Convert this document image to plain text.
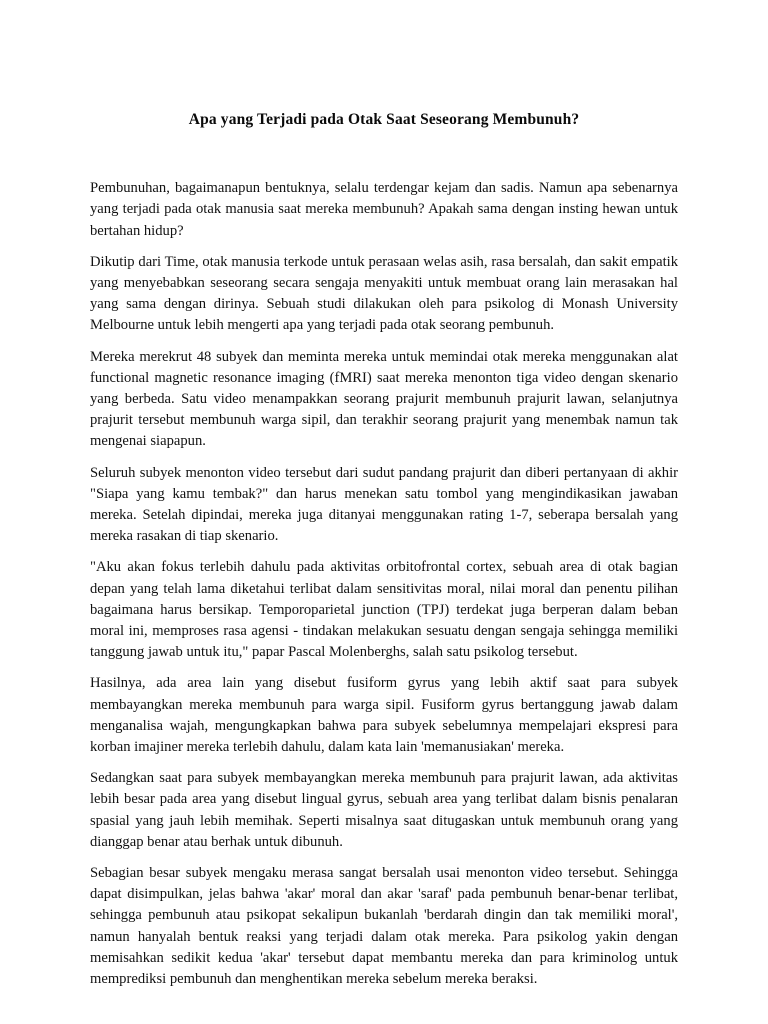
Apa yang Terjadi pada Otak Saat Seseorang Membunuh?

Pembunuhan, bagaimanapun bentuknya, selalu terdengar kejam dan sadis. Namun apa sebenarnya yang terjadi pada otak manusia saat mereka membunuh? Apakah sama dengan insting hewan untuk bertahan hidup?

Dikutip dari Time, otak manusia terkode untuk perasaan welas asih, rasa bersalah, dan sakit empatik yang menyebabkan seseorang secara sengaja menyakiti untuk membuat orang lain merasakan hal yang sama dengan dirinya. Sebuah studi dilakukan oleh para psikolog di Monash University Melbourne untuk lebih mengerti apa yang terjadi pada otak seorang pembunuh.

Mereka merekrut 48 subyek dan meminta mereka untuk memindai otak mereka menggunakan alat functional magnetic resonance imaging (fMRI) saat mereka menonton tiga video dengan skenario yang berbeda. Satu video menampakkan seorang prajurit membunuh prajurit lawan, selanjutnya prajurit tersebut membunuh warga sipil, dan terakhir seorang prajurit yang menembak namun tak mengenai siapapun.

Seluruh subyek menonton video tersebut dari sudut pandang prajurit dan diberi pertanyaan di akhir "Siapa yang kamu tembak?" dan harus menekan satu tombol yang mengindikasikan jawaban mereka. Setelah dipindai, mereka juga ditanyai menggunakan rating 1-7, seberapa bersalah yang mereka rasakan di tiap skenario.

"Aku akan fokus terlebih dahulu pada aktivitas orbitofrontal cortex, sebuah area di otak bagian depan yang telah lama diketahui terlibat dalam sensitivitas moral, nilai moral dan penentu pilihan bagaimana harus bersikap. Temporoparietal junction (TPJ) terdekat juga berperan dalam beban moral ini, memproses rasa agensi - tindakan melakukan sesuatu dengan sengaja sehingga memiliki tanggung jawab untuk itu," papar Pascal Molenberghs, salah satu psikolog tersebut.

Hasilnya, ada area lain yang disebut fusiform gyrus yang lebih aktif saat para subyek membayangkan mereka membunuh para warga sipil. Fusiform gyrus bertanggung jawab dalam menganalisa wajah, mengungkapkan bahwa para subyek sebelumnya mempelajari ekspresi para korban imajiner mereka terlebih dahulu, dalam kata lain 'memanusiakan' mereka.

Sedangkan saat para subyek membayangkan mereka membunuh para prajurit lawan, ada aktivitas lebih besar pada area yang disebut lingual gyrus, sebuah area yang terlibat dalam bisnis penalaran spasial yang jauh lebih memihak. Seperti misalnya saat ditugaskan untuk membunuh orang yang dianggap benar atau berhak untuk dibunuh.

Sebagian besar subyek mengaku merasa sangat bersalah usai menonton video tersebut. Sehingga dapat disimpulkan, jelas bahwa 'akar' moral dan akar 'saraf' pada pembunuh benar-benar terlibat, sehingga pembunuh atau psikopat sekalipun bukanlah 'berdarah dingin dan tak memiliki moral', namun hanyalah bentuk reaksi yang terjadi dalam otak mereka. Para psikolog yakin dengan memisahkan sedikit kedua 'akar' tersebut dapat membantu mereka dan para kriminolog untuk memprediksi pembunuh dan menghentikan mereka sebelum mereka beraksi.
